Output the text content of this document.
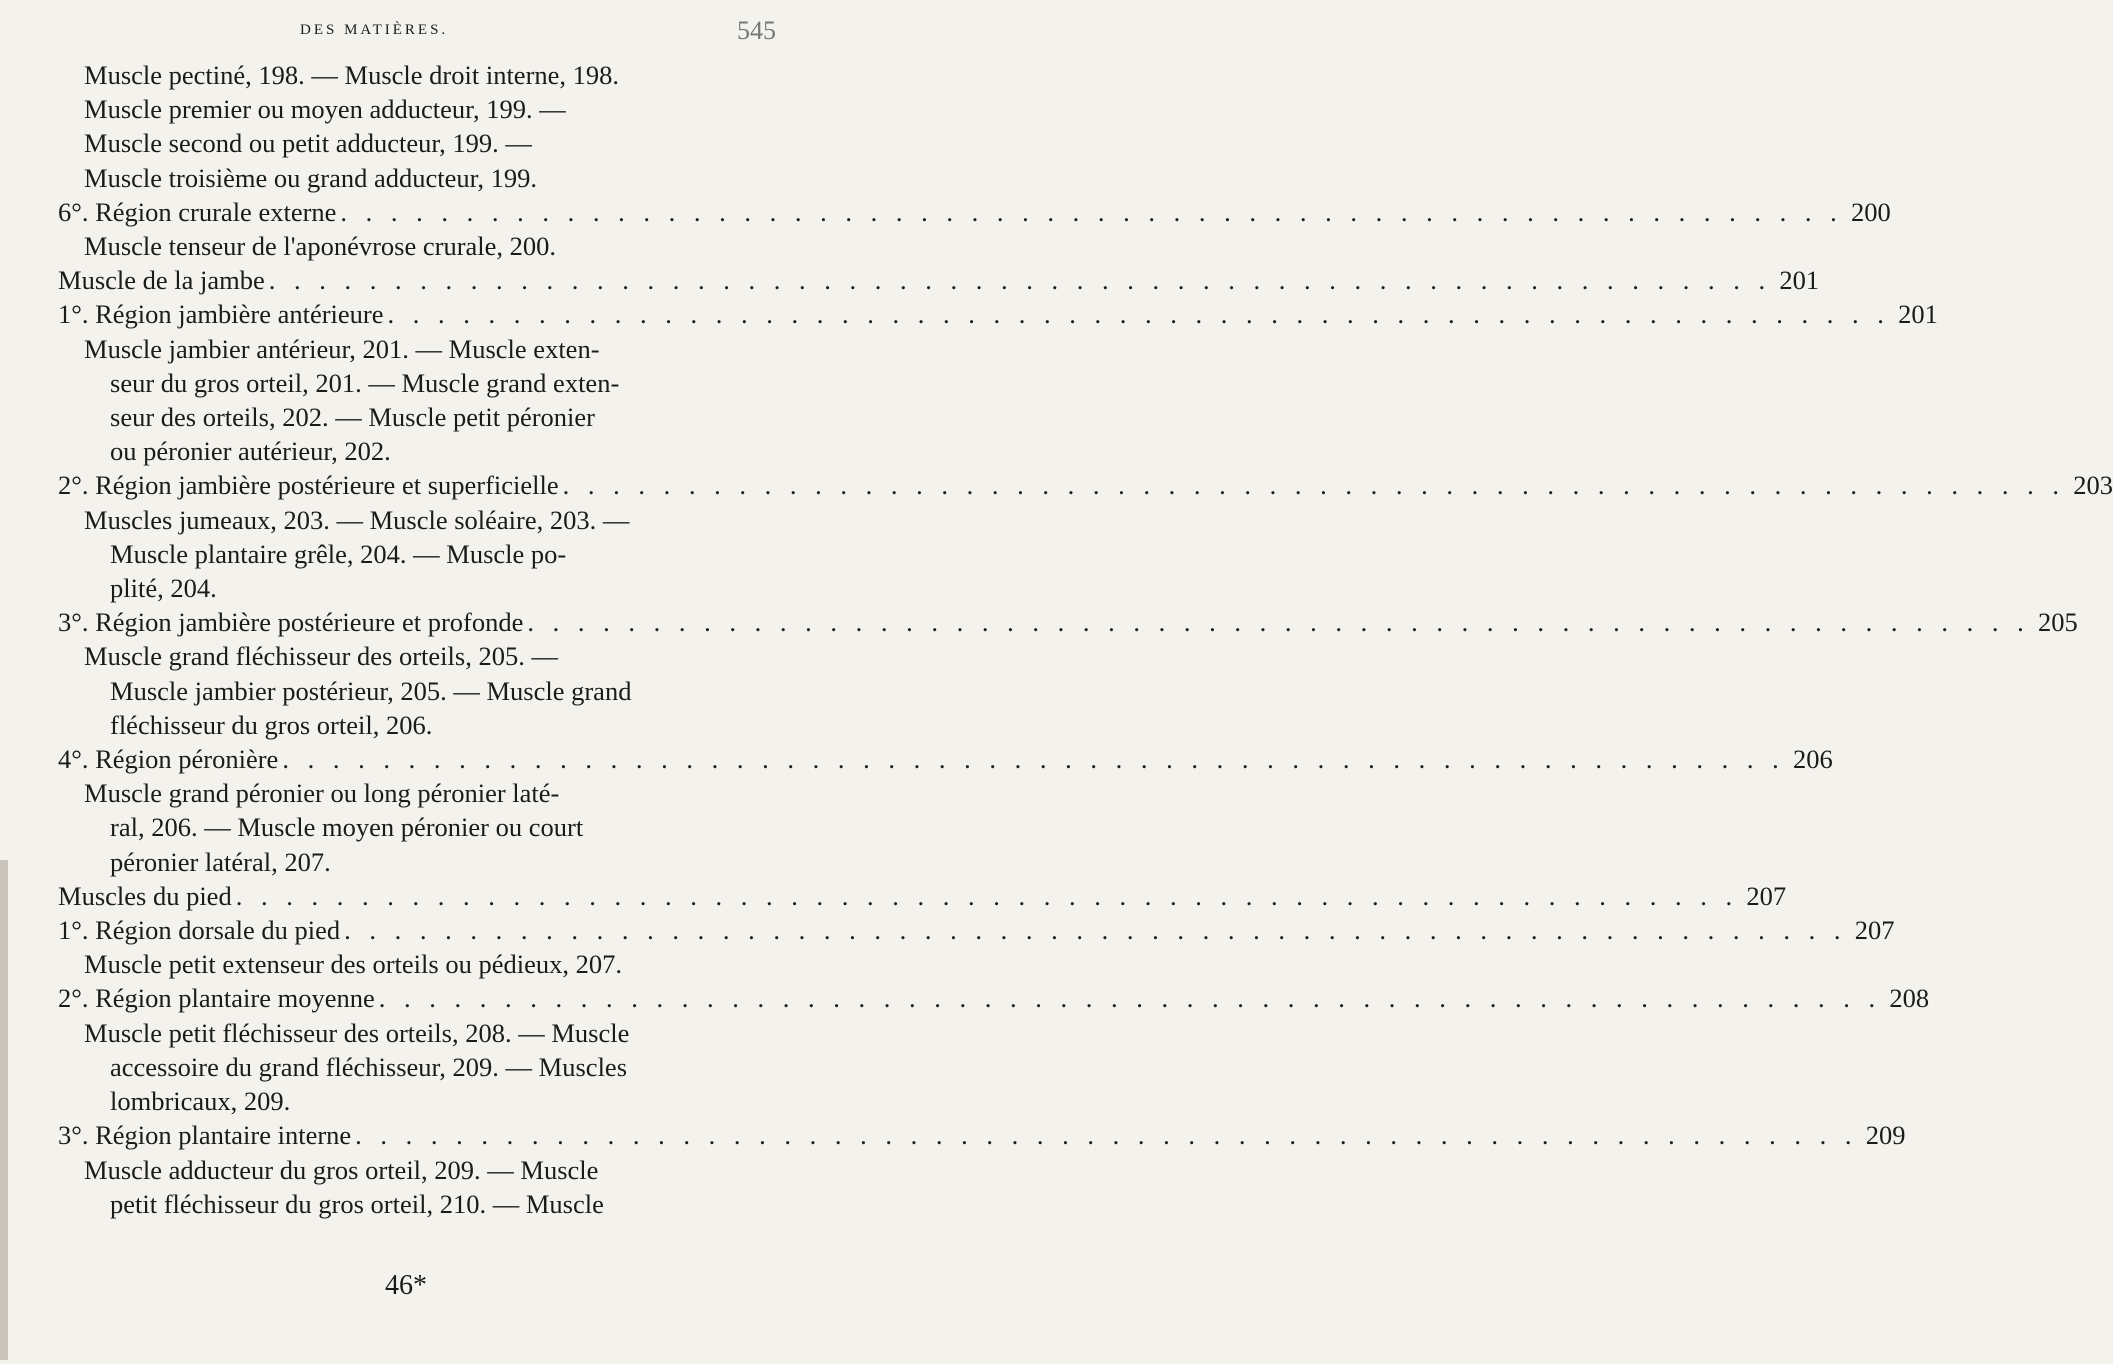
DES MATIÈRES.	545
Muscle pectiné, 198. — Muscle droit interne, 198.
Muscle premier ou moyen adducteur, 199. —
Muscle second ou petit adducteur, 199. —
Muscle troisième ou grand adducteur, 199.
6°. Région crurale externe . . . . . . . . . . . . . . . . . . . . . . . . . . . . . . . . . . . . . . . . . . . . . . . . . . . . . . . . . . . . 200
Muscle tenseur de l'aponévrose crurale, 200.
Muscle de la jambe . . . . . . . . . . . . . . . . . . . . . . . . . . . . . . . . . . . . . . . . . . . . . . . . . . . . . . . . . . . . 201
1°. Région jambière antérieure . . . . . . . . . . . . . . . . . . . . . . . . . . . . . . . . . . . . . . . . . . . . . . . . . . . . . . . . . . . . 201
Muscle jambier antérieur, 201. — Muscle exten-
seur du gros orteil, 201. — Muscle grand exten-
seur des orteils, 202. — Muscle petit péronier
ou péronier autérieur, 202.
2°. Région jambière postérieure et superficielle . . . . . . . . . . . . . . . . . . . . . . . . . . . . . . . . . . . . . . . . . . . . . . . . . . . . . . . . . . . . 203
Muscles jumeaux, 203. — Muscle soléaire, 203. —
Muscle plantaire grêle, 204. — Muscle po-
plité, 204.
3°. Région jambière postérieure et profonde . . . . . . . . . . . . . . . . . . . . . . . . . . . . . . . . . . . . . . . . . . . . . . . . . . . . . . . . . . . . 205
Muscle grand fléchisseur des orteils, 205. —
Muscle jambier postérieur, 205. — Muscle grand
fléchisseur du gros orteil, 206.
4°. Région péronière . . . . . . . . . . . . . . . . . . . . . . . . . . . . . . . . . . . . . . . . . . . . . . . . . . . . . . . . . . . . 206
Muscle grand péronier ou long péronier laté-
ral, 206. — Muscle moyen péronier ou court
péronier latéral, 207.
Muscles du pied . . . . . . . . . . . . . . . . . . . . . . . . . . . . . . . . . . . . . . . . . . . . . . . . . . . . . . . . . . . . 207
1°. Région dorsale du pied . . . . . . . . . . . . . . . . . . . . . . . . . . . . . . . . . . . . . . . . . . . . . . . . . . . . . . . . . . . . 207
Muscle petit extenseur des orteils ou pédieux, 207.
2°. Région plantaire moyenne . . . . . . . . . . . . . . . . . . . . . . . . . . . . . . . . . . . . . . . . . . . . . . . . . . . . . . . . . . . . 208
Muscle petit fléchisseur des orteils, 208. — Muscle
accessoire du grand fléchisseur, 209. — Muscles
lombricaux, 209.
3°. Région plantaire interne . . . . . . . . . . . . . . . . . . . . . . . . . . . . . . . . . . . . . . . . . . . . . . . . . . . . . . . . . . . . 209
Muscle adducteur du gros orteil, 209. — Muscle
petit fléchisseur du gros orteil, 210. — Muscle
46*
